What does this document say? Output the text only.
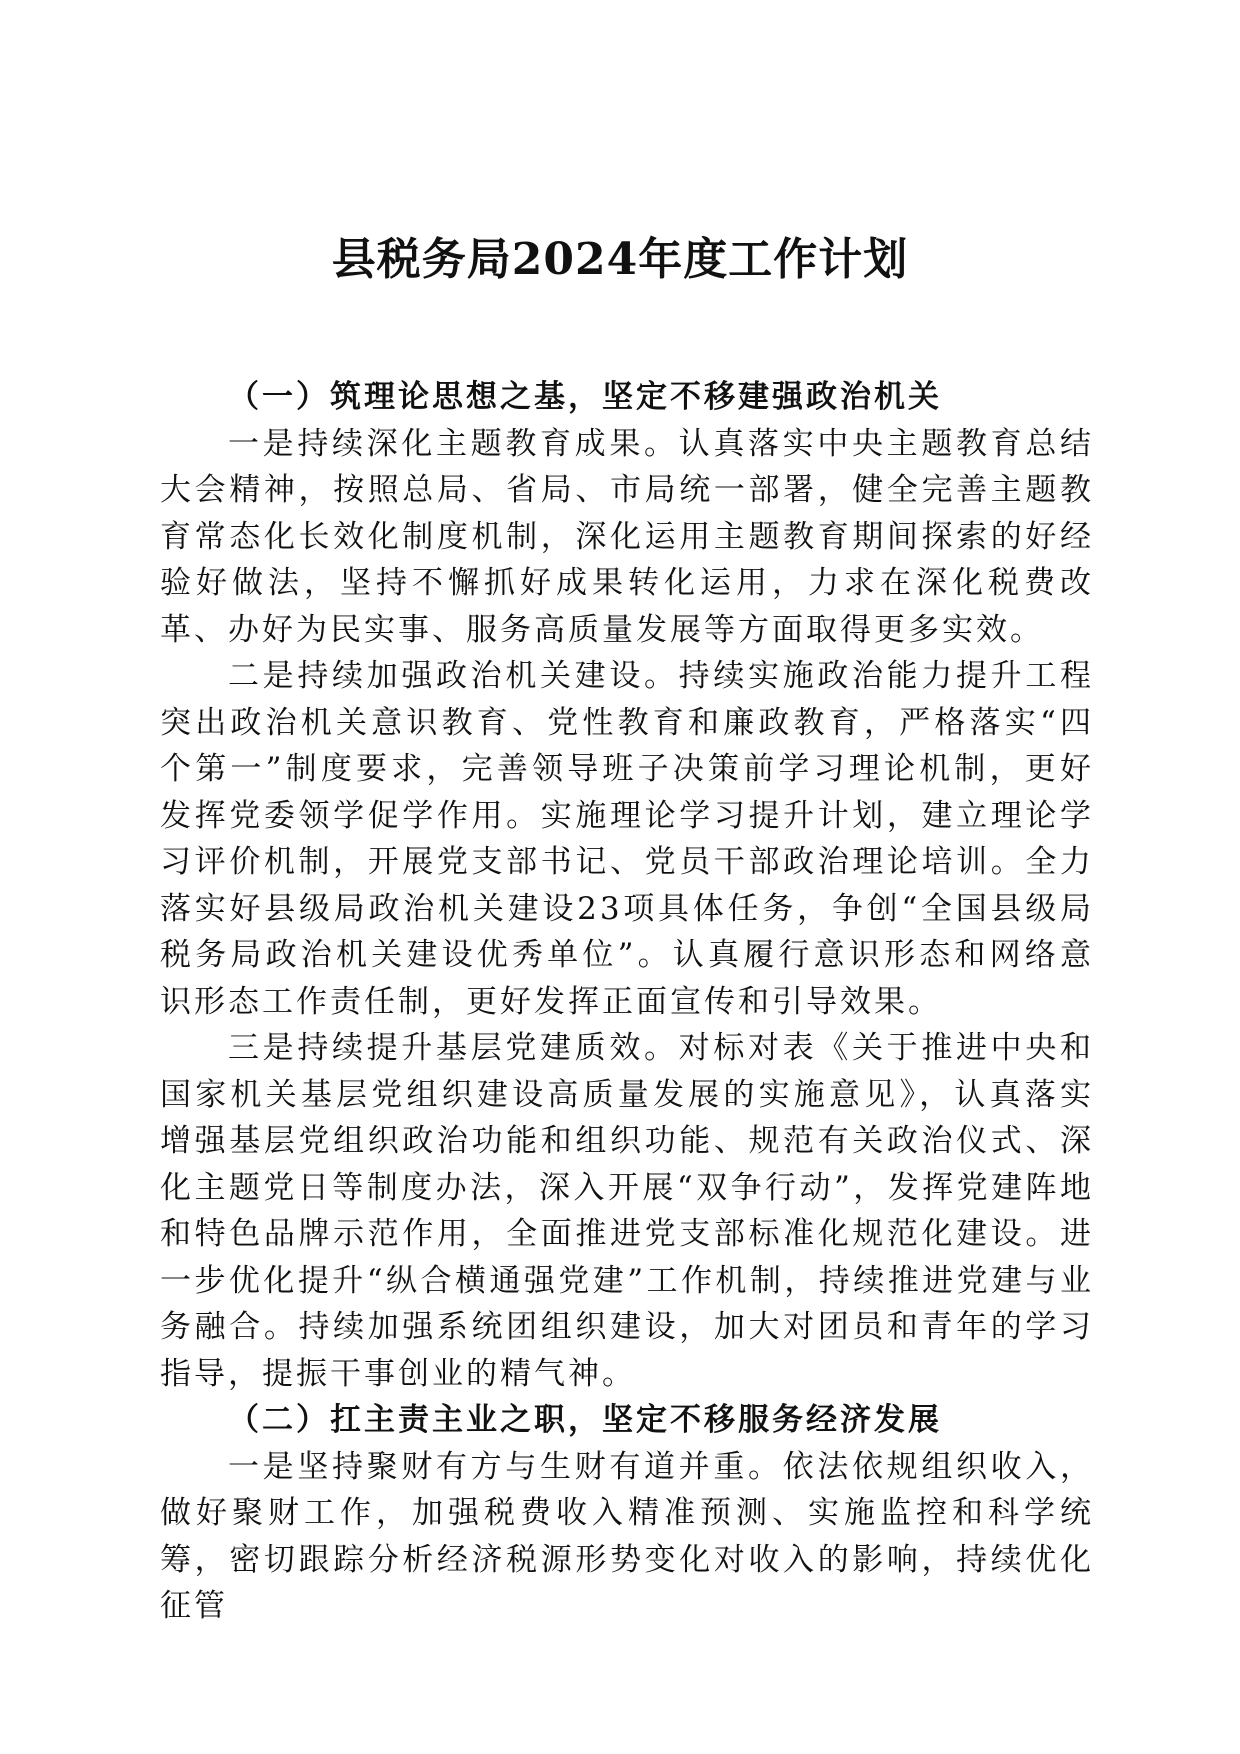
县税务局2024年度工作计划

（一）筑理论思想之基，坚定不移建强政治机关

一是持续深化主题教育成果。认真落实中央主题教育总结大会精神，按照总局、省局、市局统一部署，健全完善主题教育常态化长效化制度机制，深化运用主题教育期间探索的好经验好做法，坚持不懈抓好成果转化运用，力求在深化税费改革、办好为民实事、服务高质量发展等方面取得更多实效。

二是持续加强政治机关建设。持续实施政治能力提升工程突出政治机关意识教育、党性教育和廉政教育，严格落实“四个第一”制度要求，完善领导班子决策前学习理论机制，更好发挥党委领学促学作用。实施理论学习提升计划，建立理论学习评价机制，开展党支部书记、党员干部政治理论培训。全力落实好县级局政治机关建设23项具体任务，争创“全国县级局税务局政治机关建设优秀单位”。认真履行意识形态和网络意识形态工作责任制，更好发挥正面宣传和引导效果。

三是持续提升基层党建质效。对标对表《关于推进中央和国家机关基层党组织建设高质量发展的实施意见》，认真落实增强基层党组织政治功能和组织功能、规范有关政治仪式、深化主题党日等制度办法，深入开展“双争行动”，发挥党建阵地和特色品牌示范作用，全面推进党支部标准化规范化建设。进一步优化提升“纵合横通强党建”工作机制，持续推进党建与业务融合。持续加强系统团组织建设，加大对团员和青年的学习指导，提振干事创业的精气神。

（二）扛主责主业之职，坚定不移服务经济发展

一是坚持聚财有方与生财有道并重。依法依规组织收入，做好聚财工作，加强税费收入精准预测、实施监控和科学统筹，密切跟踪分析经济税源形势变化对收入的影响，持续优化征管
